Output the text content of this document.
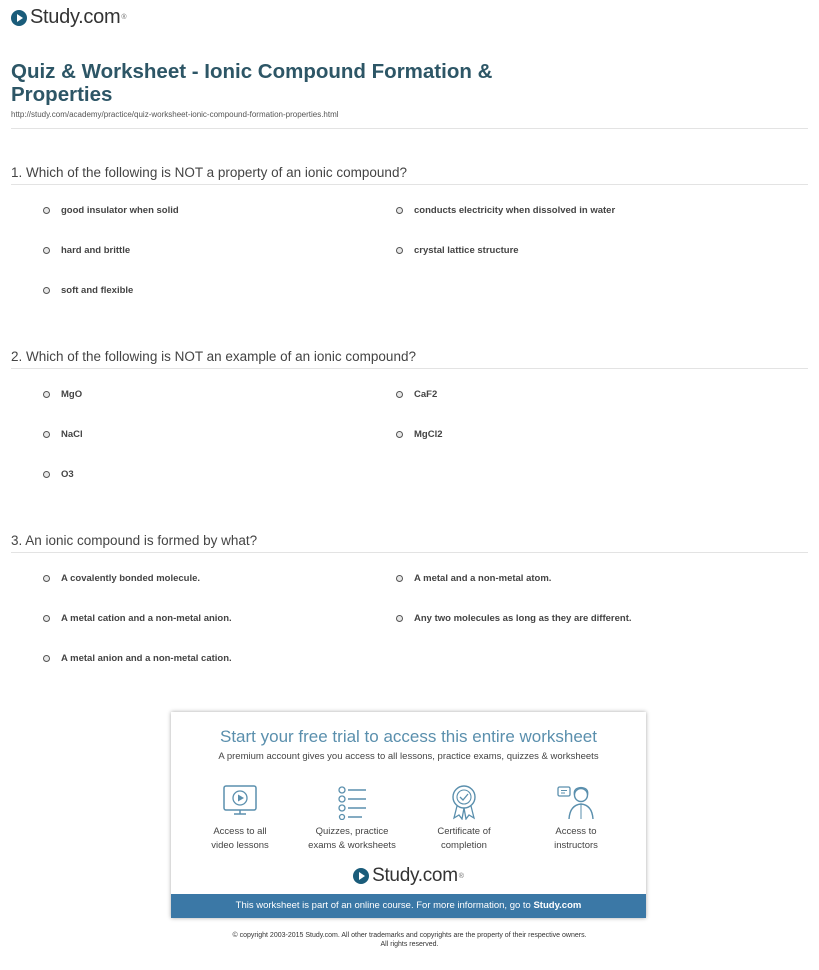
Study.com ®
Quiz & Worksheet - Ionic Compound Formation & Properties
http://study.com/academy/practice/quiz-worksheet-ionic-compound-formation-properties.html
1. Which of the following is NOT a property of an ionic compound?
good insulator when solid	conducts electricity when dissolved in water
hard and brittle	crystal lattice structure
soft and flexible
2. Which of the following is NOT an example of an ionic compound?
MgO	CaF2
NaCl	MgCl2
O3
3. An ionic compound is formed by what?
A covalently bonded molecule.	A metal and a non-metal atom.
A metal cation and a non-metal anion.	Any two molecules as long as they are different.
A metal anion and a non-metal cation.
Start your free trial to access this entire worksheet
A premium account gives you access to all lessons, practice exams, quizzes & worksheets
Access to all
video lessons
Quizzes, practice
exams & worksheets
Certificate of
completion
Access to
instructors
Study.com ®
This worksheet is part of an online course. For more information, go to Study.com
© copyright 2003-2015 Study.com. All other trademarks and copyrights are the property of their respective owners.
All rights reserved.
